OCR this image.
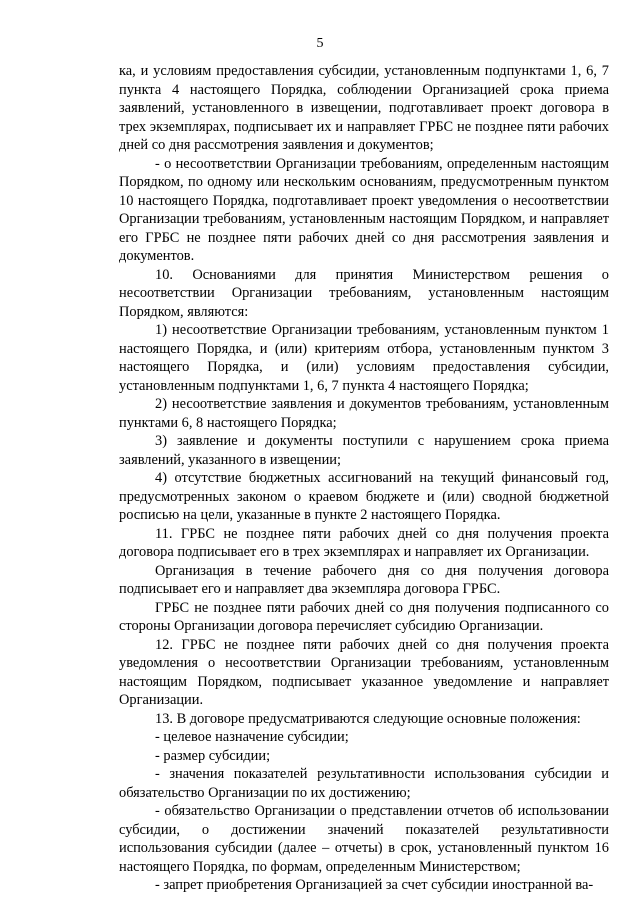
5

ка, и условиям предоставления субсидии, установленным подпунктами 1, 6, 7 пункта 4 настоящего Порядка, соблюдении Организацией срока приема заявлений, установленного в извещении, подготавливает проект договора в трех экземплярах, подписывает их и направляет ГРБС не позднее пяти рабочих дней со дня рассмотрения заявления и документов;

- о несоответствии Организации требованиям, определенным настоящим Порядком, по одному или нескольким основаниям, предусмотренным пунктом 10 настоящего Порядка, подготавливает проект уведомления о несоответствии Организации требованиям, установленным настоящим Порядком, и направляет его ГРБС не позднее пяти рабочих дней со дня рассмотрения заявления и документов.

10. Основаниями для принятия Министерством решения о несоответствии Организации требованиям, установленным настоящим Порядком, являются:

1) несоответствие Организации требованиям, установленным пунктом 1 настоящего Порядка, и (или) критериям отбора, установленным пунктом 3 настоящего Порядка, и (или) условиям предоставления субсидии, установленным подпунктами 1, 6, 7 пункта 4 настоящего Порядка;

2) несоответствие заявления и документов требованиям, установленным пунктами 6, 8 настоящего Порядка;

3) заявление и документы поступили с нарушением срока приема заявлений, указанного в извещении;

4) отсутствие бюджетных ассигнований на текущий финансовый год, предусмотренных законом о краевом бюджете и (или) сводной бюджетной росписью на цели, указанные в пункте 2 настоящего Порядка.

11. ГРБС не позднее пяти рабочих дней со дня получения проекта договора подписывает его в трех экземплярах и направляет их Организации.

Организация в течение рабочего дня со дня получения договора подписывает его и направляет два экземпляра договора ГРБС.

ГРБС не позднее пяти рабочих дней со дня получения подписанного со стороны Организации договора перечисляет субсидию Организации.

12. ГРБС не позднее пяти рабочих дней со дня получения проекта уведомления о несоответствии Организации требованиям, установленным настоящим Порядком, подписывает указанное уведомление и направляет Организации.

13. В договоре предусматриваются следующие основные положения:

- целевое назначение субсидии;

- размер субсидии;

- значения показателей результативности использования субсидии и обязательство Организации по их достижению;

- обязательство Организации о представлении отчетов об использовании субсидии, о достижении значений показателей результативности использования субсидии (далее – отчеты) в срок, установленный пунктом 16 настоящего Порядка, по формам, определенным Министерством;

- запрет приобретения Организацией за счет субсидии иностранной ва-
